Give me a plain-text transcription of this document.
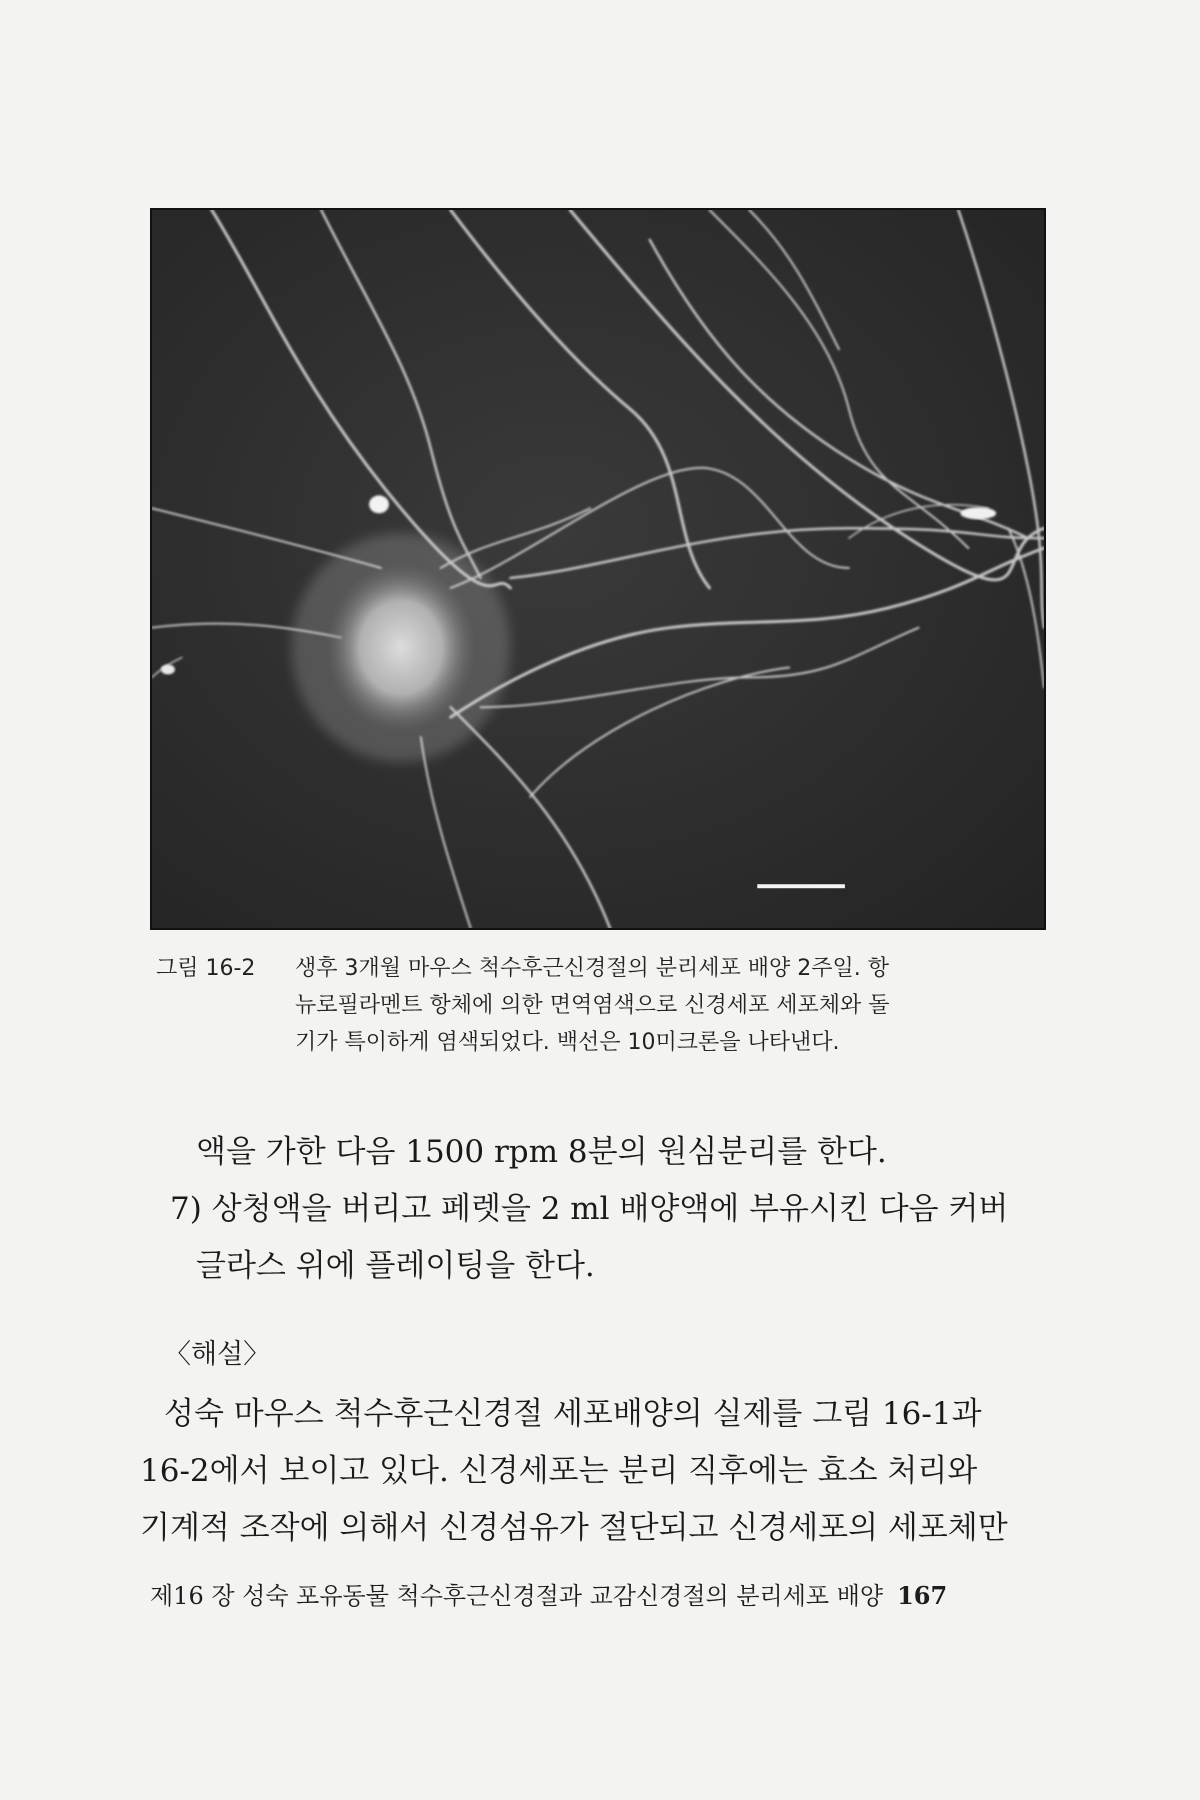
그림 16-2 생후 3개월 마우스 척수후근신경절의 분리세포 배양 2주일. 항
뉴로필라멘트 항체에 의한 면역염색으로 신경세포 세포체와 돌
기가 특이하게 염색되었다. 백선은 10미크론을 나타낸다.
액을 가한 다음 1500 rpm 8분의 원심분리를 한다.
7) 상청액을 버리고 페렛을 2 ml 배양액에 부유시킨 다음 커버
글라스 위에 플레이팅을 한다.
〈해설〉
성숙 마우스 척수후근신경절 세포배양의 실제를 그림 16-1과
16-2에서 보이고 있다. 신경세포는 분리 직후에는 효소 처리와
기계적 조작에 의해서 신경섬유가 절단되고 신경세포의 세포체만
제16 장 성숙 포유동물 척수후근신경절과 교감신경절의 분리세포 배양 167
